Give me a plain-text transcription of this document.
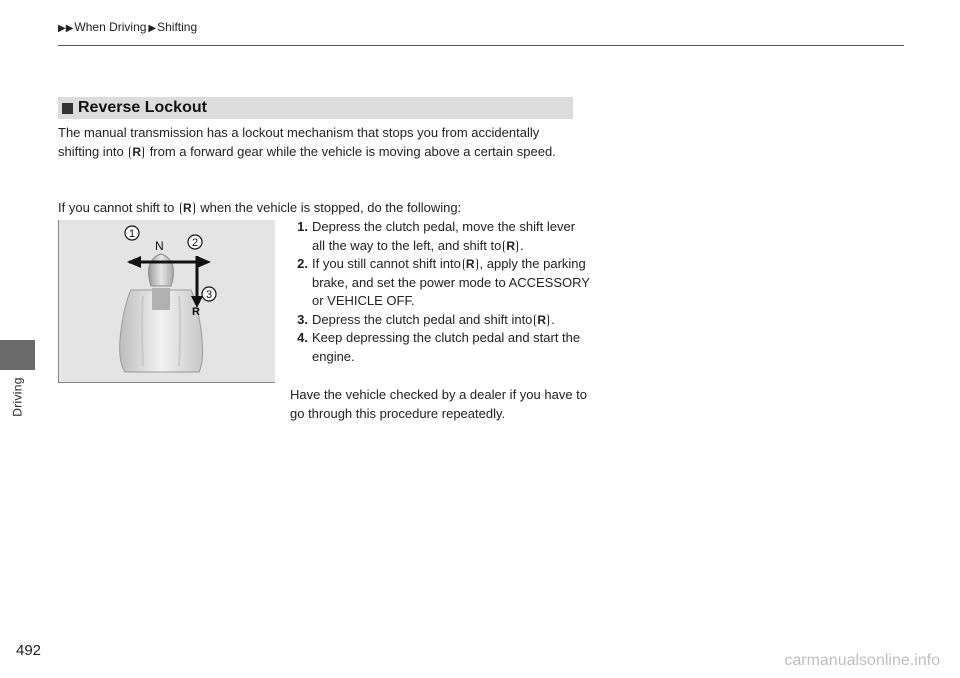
▶▶When Driving ▶Shifting
Driving
Reverse Lockout
The manual transmission has a lockout mechanism that stops you from accidentally shifting into R from a forward gear while the vehicle is moving above a certain speed.
If you cannot shift to R when the vehicle is stopped, do the following:
N
R
1
2
3
1. Depress the clutch pedal, move the shift lever all the way to the left, and shift to R .
2. If you still cannot shift into R , apply the parking brake, and set the power mode to ACCESSORY or VEHICLE OFF.
3. Depress the clutch pedal and shift into R .
4. Keep depressing the clutch pedal and start the engine.
Have the vehicle checked by a dealer if you have to go through this procedure repeatedly.
492
carmanualsonline.info
